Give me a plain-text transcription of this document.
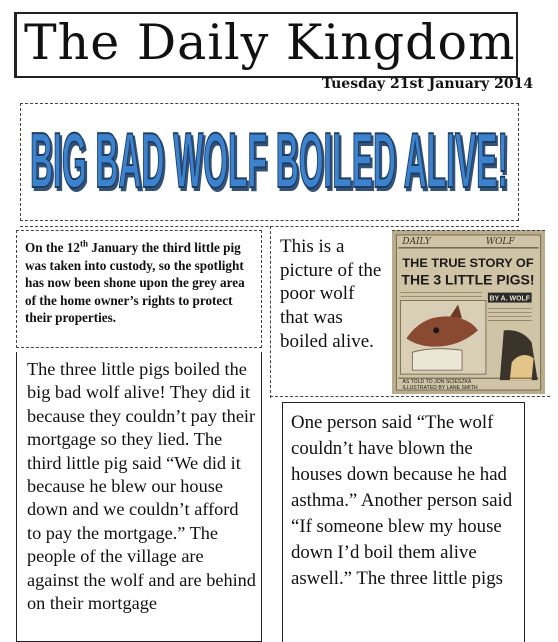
The Daily Kingdom
Tuesday 21st January 2014
BIG BAD WOLF BOILED ALIVE!
On the 12th January the third little pig was taken into custody, so the spotlight has now been shone upon the grey area of the home owner’s rights to protect their properties.
The three little pigs boiled the big bad wolf alive! They did it because they couldn’t pay their mortgage so they lied. The third little pig said “We did it because he blew our house down and we couldn’t afford to pay the mortgage.” The people of the village are against the wolf and are behind on their mortgage
This is a picture of the poor wolf that was boiled alive.
DAILY	WOLF
THE TRUE STORY OF
THE 3 LITTLE PIGS!
BY A. WOLF
AS TOLD TO JON SCIESZKA
ILLUSTRATED BY LANE SMITH
One person said “The wolf couldn’t have blown the houses down because he had asthma.” Another person said “If someone blew my house down I’d boil them alive aswell.” The three little pigs
